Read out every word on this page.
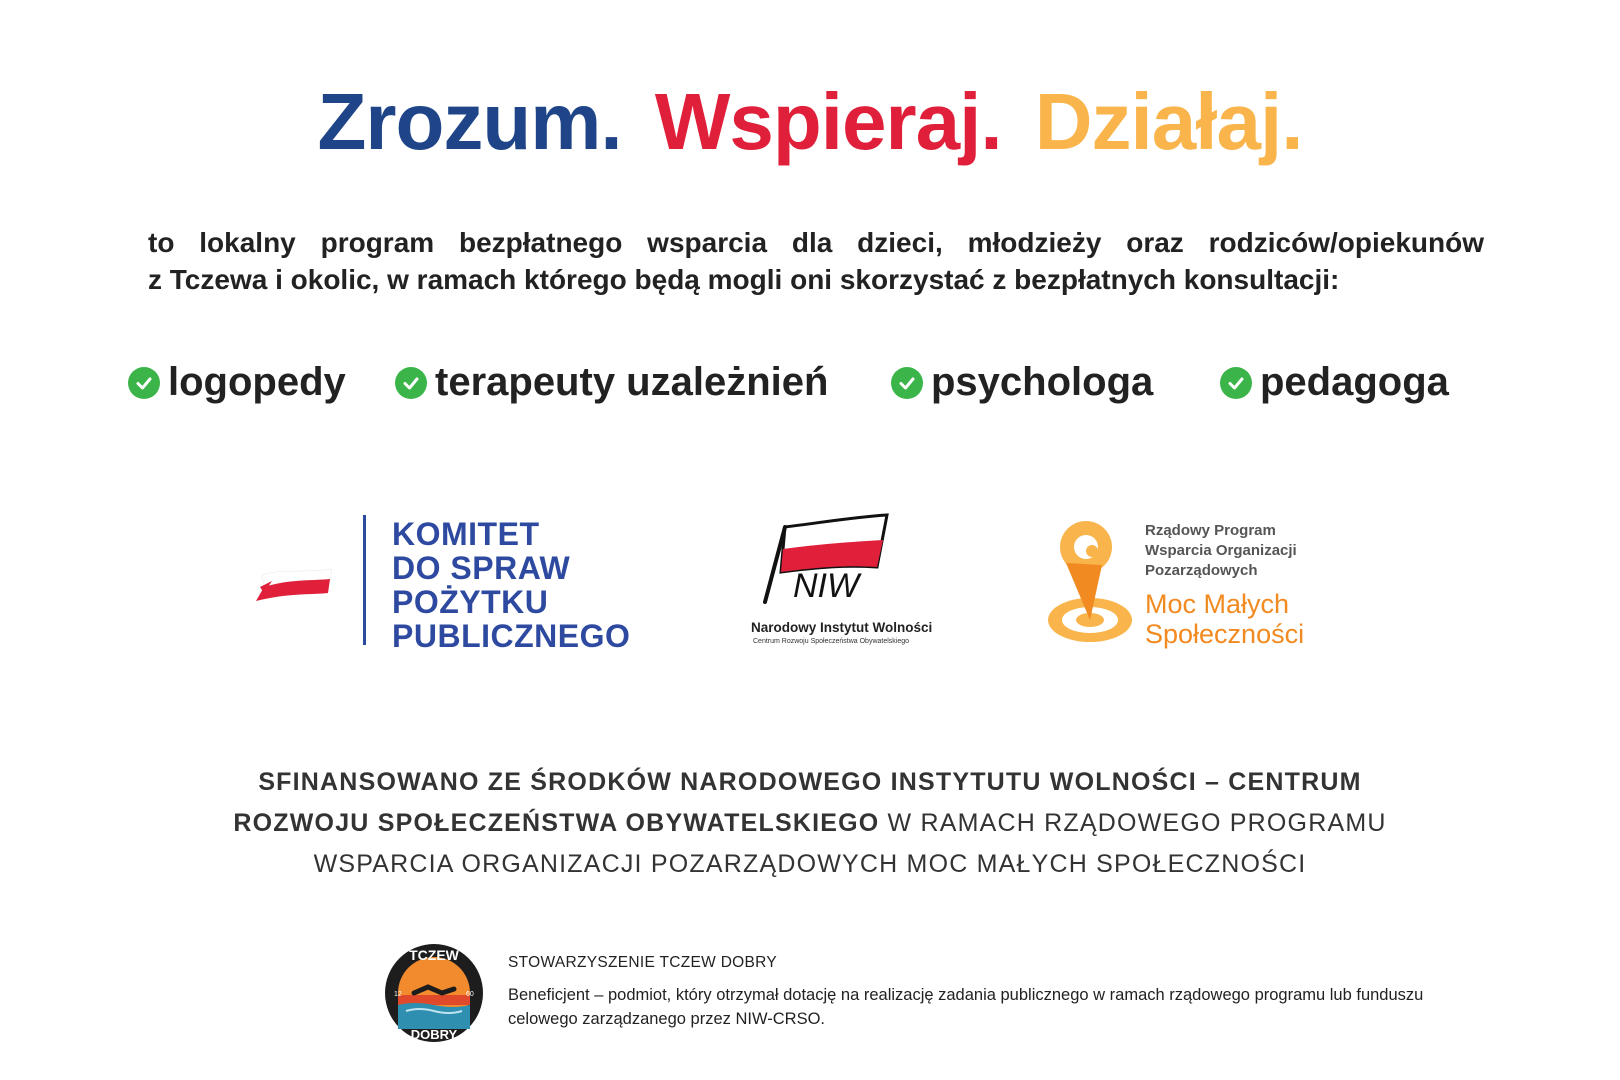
Zrozum. Wspieraj. Działaj.
to lokalny program bezpłatnego wsparcia dla dzieci, młodzieży oraz rodziców/opiekunów
z Tczewa i okolic, w ramach którego będą mogli oni skorzystać z bezpłatnych konsultacji:
logopedy terapeuty uzależnień	psychologa	pedagoga
KOMITET
DO SPRAW
POŻYTKU
PUBLICZNEGO
NIW
Narodowy Instytut Wolności
Centrum Rozwoju Społeczeństwa Obywatelskiego
Rządowy Program
Wsparcia Organizacji
Pozarządowych
Moc Małych
Społeczności
SFINANSOWANO ZE ŚRODKÓW NARODOWEGO INSTYTUTU WOLNOŚCI – CENTRUM
ROZWOJU SPOŁECZEŃSTWA OBYWATELSKIEGO W RAMACH RZĄDOWEGO PROGRAMU
WSPARCIA ORGANIZACJI POZARZĄDOWYCH MOC MAŁYCH SPOŁECZNOŚCI
TCZEW
DOBRY
12	60
STOWARZYSZENIE TCZEW DOBRY
Beneficjent – podmiot, który otrzymał dotację na realizację zadania publicznego w ramach rządowego programu lub funduszu celowego zarządzanego przez NIW-CRSO.
